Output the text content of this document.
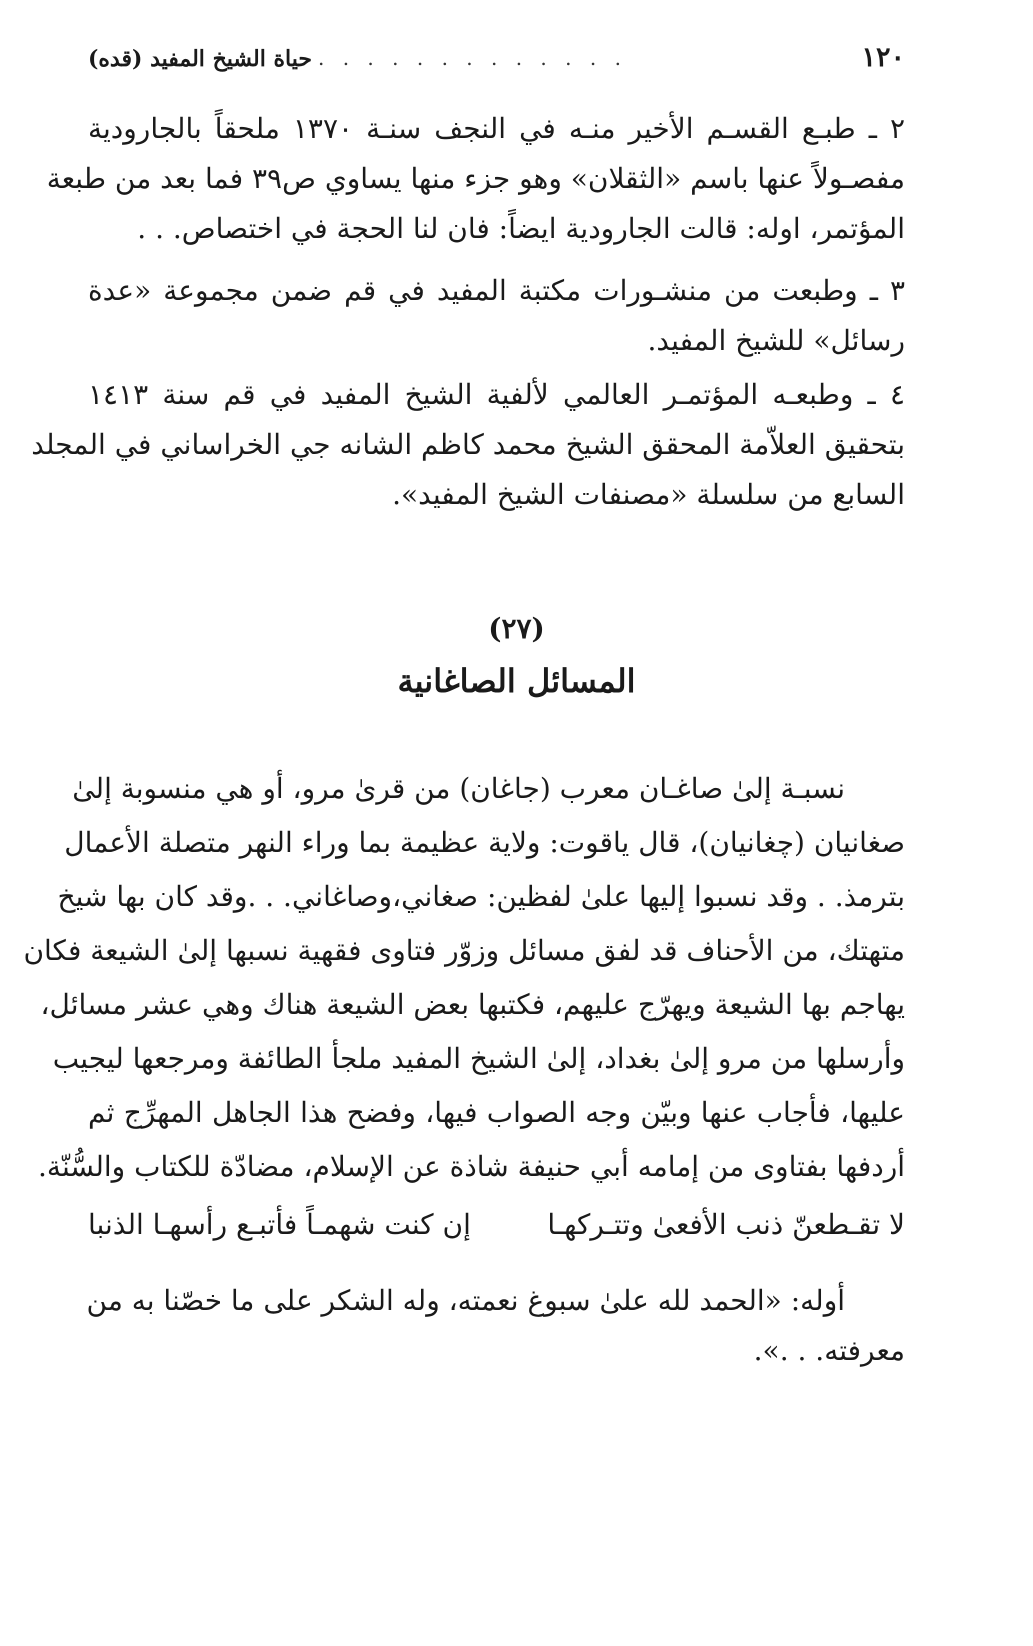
١٢٠
. . . . . . . . . . . . .
حياة الشيخ المفيد (قده)
٢ ـ طبـع القسـم الأخير منـه في النجف سنـة ١٣٧٠ ملحقاً بالجارودية
مفصـولاً عنها باسم «الثقلان» وهو جزء منها يساوي ص٣٩ فما بعد من طبعة
المؤتمر، اوله: قالت الجارودية ايضاً: فان لنا الحجة في اختصاص. . .
٣ ـ وطبعت من منشـورات مكتبة المفيد في قم ضمن مجموعة «عدة
رسائل» للشيخ المفيد.
٤ ـ وطبعـه المؤتمـر العالمي لألفية الشيخ المفيد في قم سنة ١٤١٣
بتحقيق العلاّمة المحقق الشيخ محمد كاظم الشانه جي الخراساني في المجلد
السابع من سلسلة «مصنفات الشيخ المفيد».
(٢٧)
المسائل الصاغانية
نسبـة إلىٰ صاغـان معرب (جاغان) من قرىٰ مرو، أو هي منسوبة إلىٰ
صغانيان (چغانيان)، قال ياقوت: ولاية عظيمة بما وراء النهر متصلة الأعمال
بترمذ. . وقد نسبوا إليها علىٰ لفظين: صغاني،وصاغاني. . .وقد كان بها شيخ
متهتك، من الأحناف قد لفق مسائل وزوّر فتاوى فقهية نسبها إلىٰ الشيعة فكان
يهاجم بها الشيعة ويهرّج عليهم، فكتبها بعض الشيعة هناك وهي عشر مسائل،
وأرسلها من مرو إلىٰ بغداد، إلىٰ الشيخ المفيد ملجأ الطائفة ومرجعها ليجيب
عليها، فأجاب عنها وبيّن وجه الصواب فيها، وفضح هذا الجاهل المهرِّج ثم
أردفها بفتاوى من إمامه أبي حنيفة شاذة عن الإسلام، مضادّة للكتاب والسُّنّة.
لا تقـطعنّ ذنب الأفعىٰ وتتـركهـا
إن كنت شهمـاً فأتبـع رأسهـا الذنبا
أوله: «الحمد لله علىٰ سبوغ نعمته، وله الشكر على ما خصّنا به من
معرفته. . .».
